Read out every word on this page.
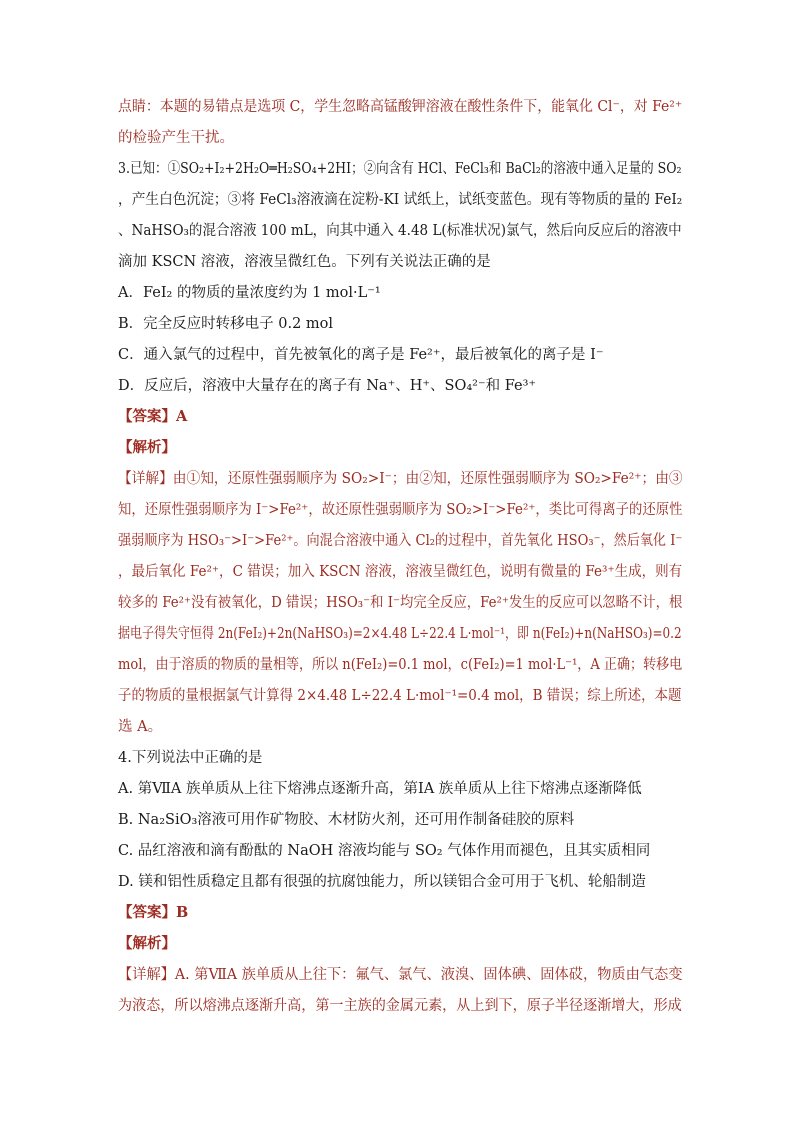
点睛：本题的易错点是选项 C，学生忽略高锰酸钾溶液在酸性条件下，能氧化 Cl⁻，对 Fe²⁺
的检验产生干扰。
3.已知：①SO₂+I₂+2H₂O═H₂SO₄+2HI；②向含有 HCl、FeCl₃和 BaCl₂的溶液中通入足量的 SO₂
，产生白色沉淀；③将 FeCl₃溶液滴在淀粉-KI 试纸上，试纸变蓝色。现有等物质的量的 FeI₂
、NaHSO₃的混合溶液 100 mL，向其中通入 4.48 L(标准状况)氯气，然后向反应后的溶液中
滴加 KSCN 溶液，溶液呈微红色。下列有关说法正确的是
A．FeI₂ 的物质的量浓度约为 1 mol·L⁻¹
B．完全反应时转移电子 0.2 mol
C．通入氯气的过程中，首先被氧化的离子是 Fe²⁺，最后被氧化的离子是 I⁻
D．反应后，溶液中大量存在的离子有 Na⁺、H⁺、SO₄²⁻和 Fe³⁺
【答案】A
【解析】
【详解】由①知，还原性强弱顺序为 SO₂>I⁻；由②知，还原性强弱顺序为 SO₂>Fe²⁺；由③
知，还原性强弱顺序为 I⁻>Fe²⁺，故还原性强弱顺序为 SO₂>I⁻>Fe²⁺，类比可得离子的还原性
强弱顺序为 HSO₃⁻>I⁻>Fe²⁺。向混合溶液中通入 Cl₂的过程中，首先氧化 HSO₃⁻，然后氧化 I⁻
，最后氧化 Fe²⁺，C 错误；加入 KSCN 溶液，溶液呈微红色，说明有微量的 Fe³⁺生成，则有
较多的 Fe²⁺没有被氧化，D 错误；HSO₃⁻和 I⁻均完全反应，Fe²⁺发生的反应可以忽略不计，根
据电子得失守恒得 2n(FeI₂)+2n(NaHSO₃)=2×4.48 L÷22.4 L·mol⁻¹，即 n(FeI₂)+n(NaHSO₃)=0.2
mol，由于溶质的物质的量相等，所以 n(FeI₂)=0.1 mol，c(FeI₂)=1 mol·L⁻¹，A 正确；转移电
子的物质的量根据氯气计算得 2×4.48 L÷22.4 L·mol⁻¹=0.4 mol，B 错误；综上所述，本题
选 A。
4.下列说法中正确的是
A. 第ⅦA 族单质从上往下熔沸点逐渐升高，第ⅠA 族单质从上往下熔沸点逐渐降低
B. Na₂SiO₃溶液可用作矿物胶、木材防火剂，还可用作制备硅胶的原料
C. 品红溶液和滴有酚酞的 NaOH 溶液均能与 SO₂ 气体作用而褪色，且其实质相同
D. 镁和铝性质稳定且都有很强的抗腐蚀能力，所以镁铝合金可用于飞机、轮船制造
【答案】B
【解析】
【详解】A. 第ⅦA 族单质从上往下：氟气、氯气、液溴、固体碘、固体砹，物质由气态变
为液态，所以熔沸点逐渐升高，第一主族的金属元素，从上到下，原子半径逐渐增大，形成
